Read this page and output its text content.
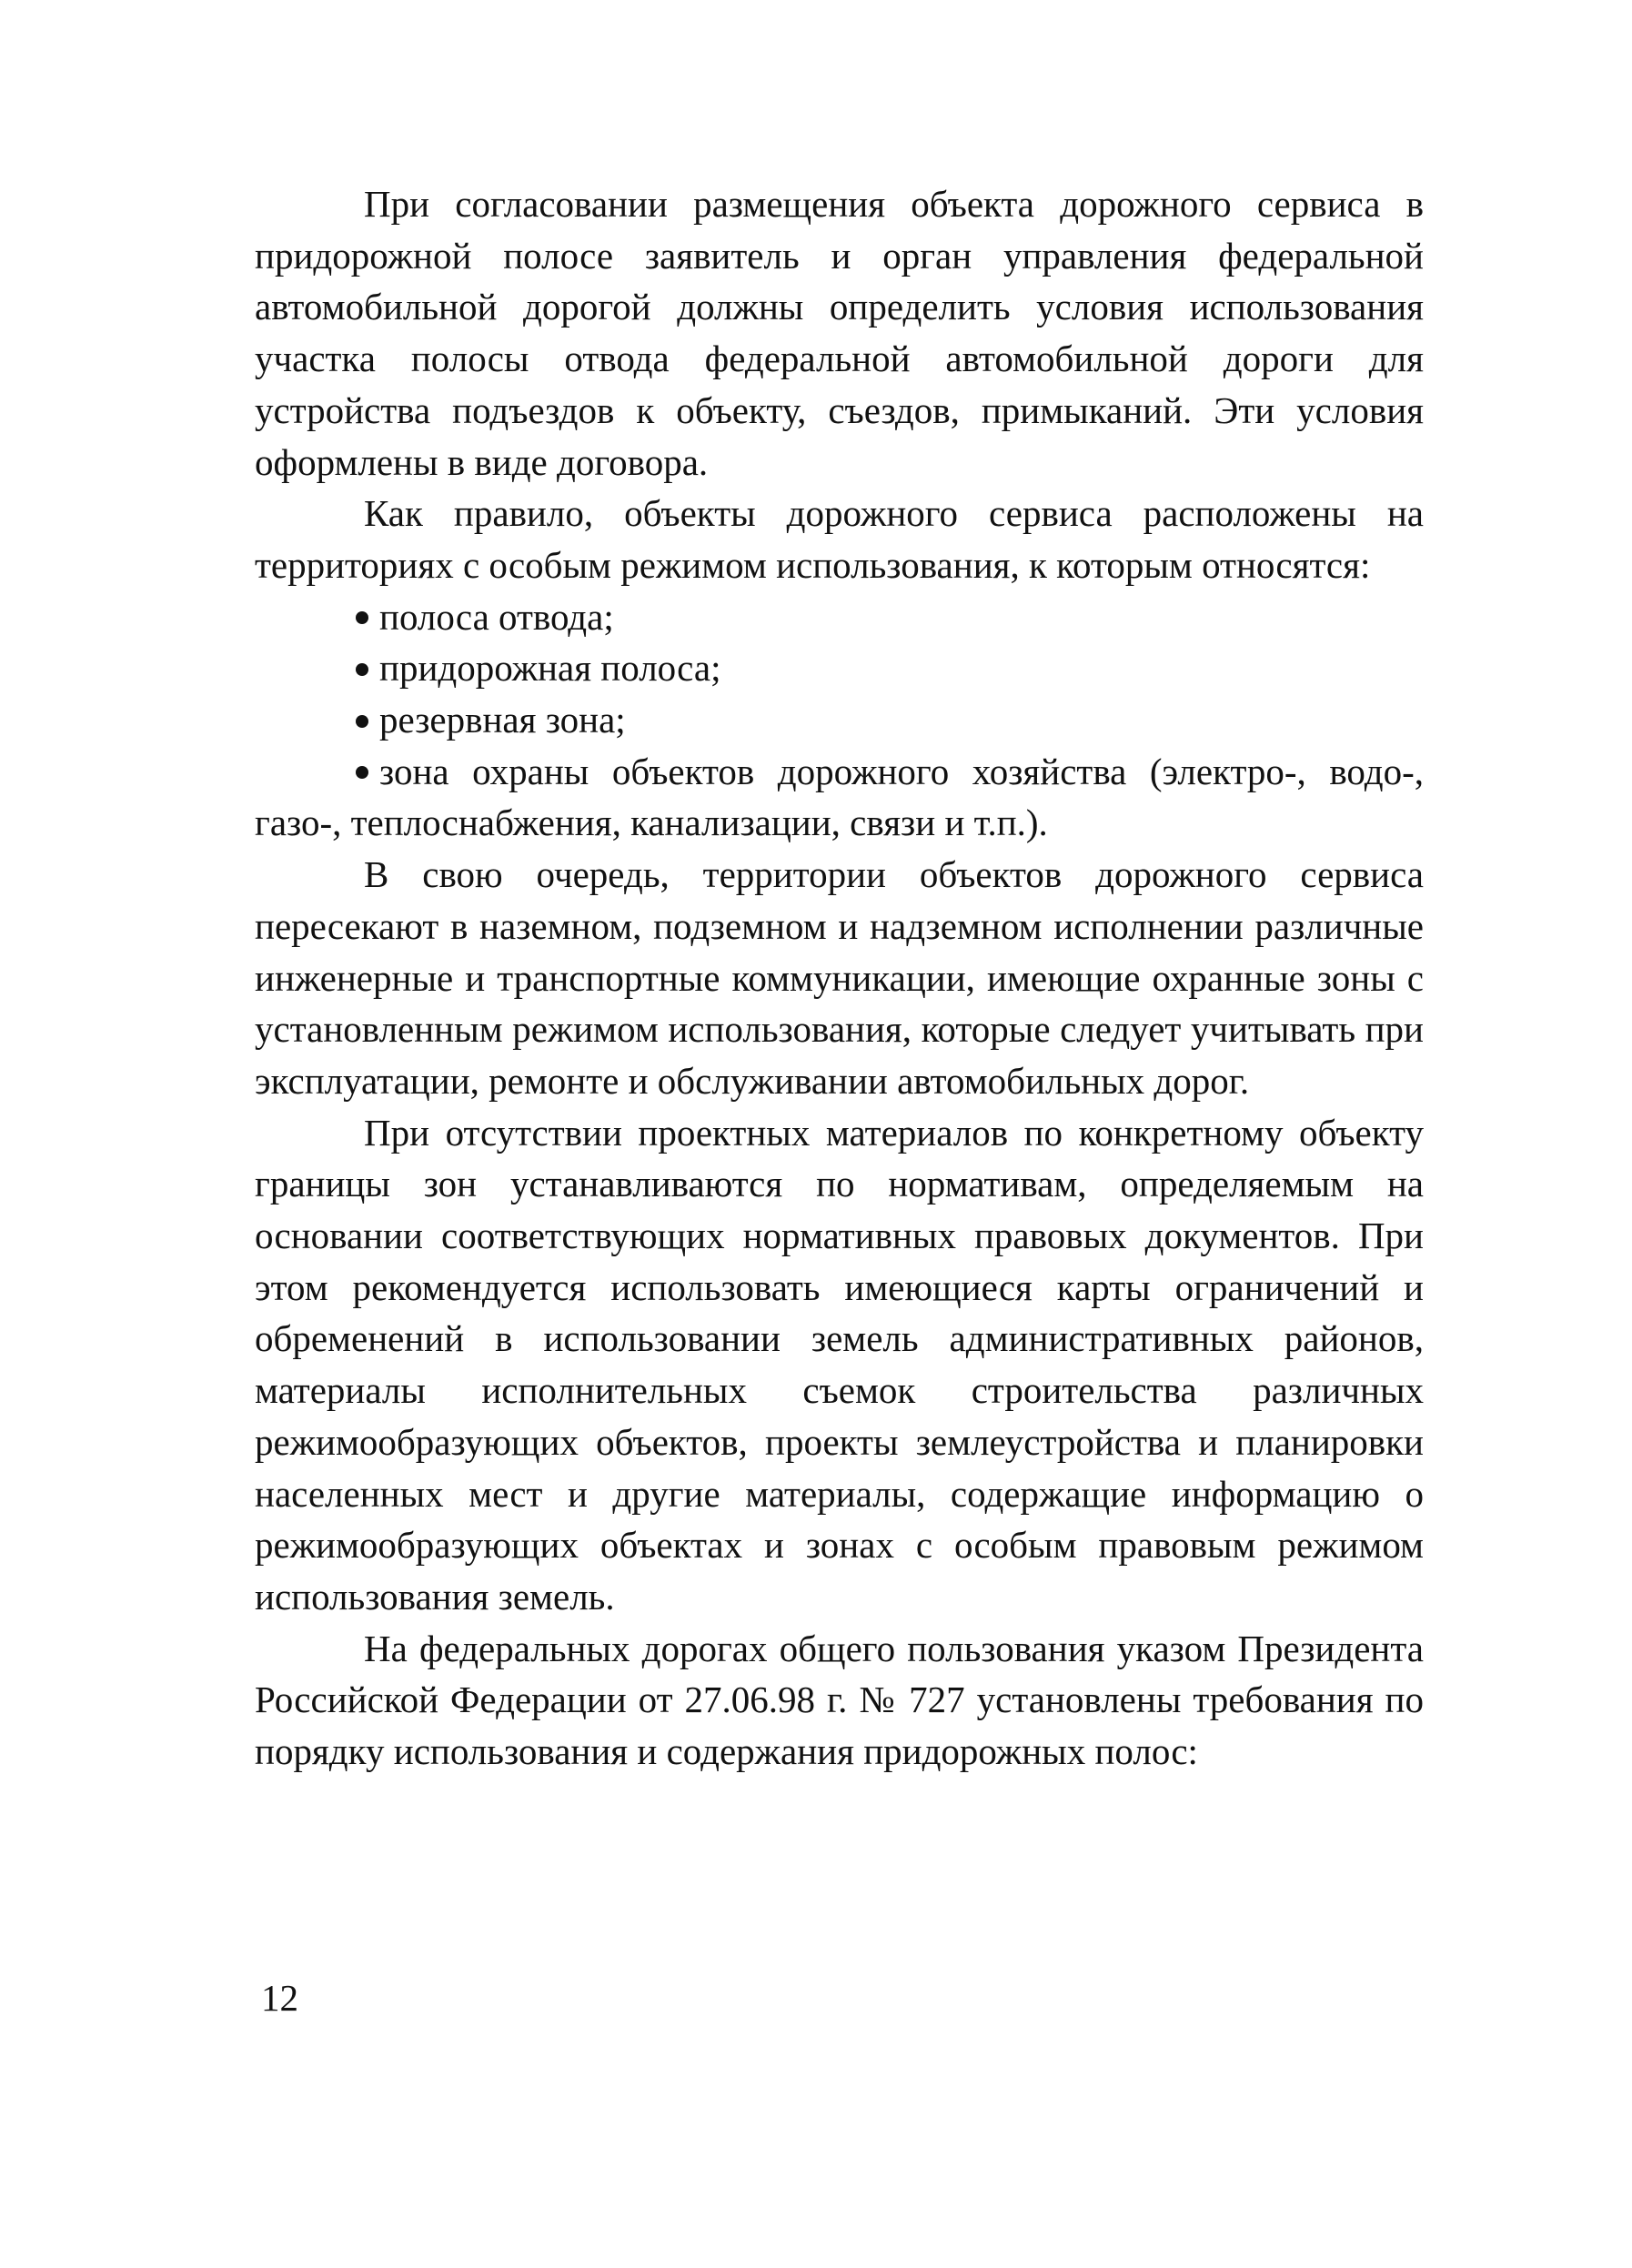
При согласовании размещения объекта дорожного сервиса в придорожной полосе заявитель и орган управления федеральной автомобильной дорогой должны определить условия использования участка полосы отвода федеральной автомобильной дороги для устройства подъездов к объекту, съездов, примыканий. Эти условия оформлены в виде договора.

Как правило, объекты дорожного сервиса расположены на территориях с особым режимом использования, к которым относятся:

полоса отвода;
придорожная полоса;
резервная зона;
зона охраны объектов дорожного хозяйства (электро-, водо-, газо-, теплоснабжения, канализации, связи и т.п.).

В свою очередь, территории объектов дорожного сервиса пересекают в наземном, подземном и надземном исполнении различные инженерные и транспортные коммуникации, имеющие охранные зоны с установленным режимом использования, которые следует учитывать при эксплуатации, ремонте и обслуживании автомобильных дорог.

При отсутствии проектных материалов по конкретному объекту границы зон устанавливаются по нормативам, определяемым на основании соответствующих нормативных правовых документов. При этом рекомендуется использовать имеющиеся карты ограничений и обременений в использовании земель административных районов, материалы исполнительных съемок строительства различных режимообразующих объектов, проекты землеустройства и планировки населенных мест и другие материалы, содержащие информацию о режимообразующих объектах и зонах с особым правовым режимом использования земель.

На федеральных дорогах общего пользования указом Президента Российской Федерации от 27.06.98 г. № 727 установлены требования по порядку использования и содержания придорожных полос:

12
